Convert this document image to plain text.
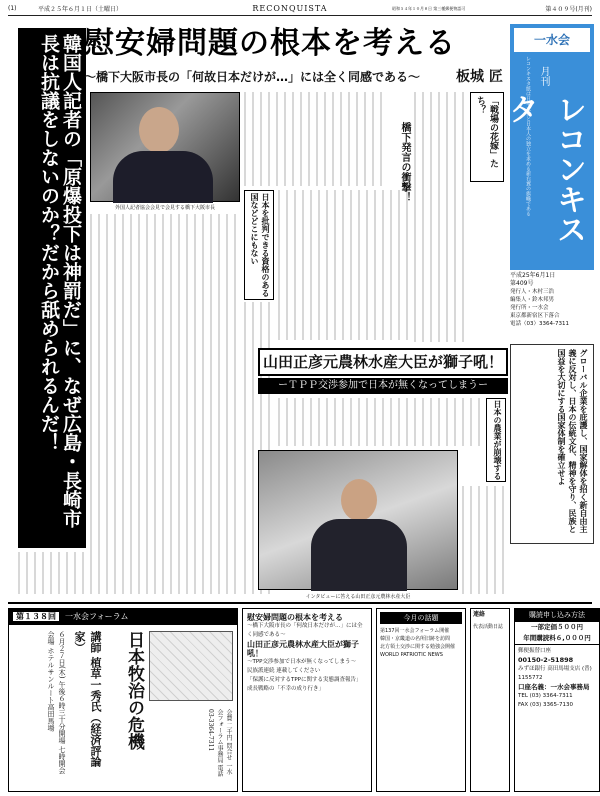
(1)	平成２５年６月１日（土曜日）	RECONQUISTA	昭和５４年１０月８日 第三種郵便物認可	第４０９号(月刊)
韓国人記者の「原爆投下は神罰だ」に、なぜ広島・長崎市長は抗議をしないのか？だから舐められるんだ！ 慰安婦問題の根本を考える
〜橋下大阪市長の「何故日本だけが…」には全く同感である〜	板城 匠
一水会
レコンキスタ紙は日本文化と日本人の独立を求める新右翼の旗幟である 月刊
レコンキスタ
平成25年6月1日
第409号
発行人・木村三浩
編集人・鈴木邦男
発行所・一水会
東京都新宿区下落合
電話（03）3364-7311
グローバル企業を庇護し、国家解体を招く新自由主義に反対し、日本の伝統文化、精神を守り、民族と国益を大切にする国家体制を確立せよ
外国人記者協会会見で会見する橋下大阪市長
「戦場の花嫁」たち？
橋下発言の衝撃！
日本を批判できる資格のある国などどこにもない
山田正彦元農林水産大臣が獅子吼！
ーＴＰＰ交渉参加で日本が無くなってしまうー
日本の農業が崩壊する
インタビューに答える山田正彦元農林水産大臣
第１３８回 一水会フォーラム
日本牧治の危機
講師 植草一秀氏（経済評論家）
６月２７日(木) 午後６時三十分開場 七時開会 会場 ホテルサンルート高田馬場
会費 二千円 問合せ 一水会フォーラム事務局 電話 03-3364-7311
慰安婦問題の根本を考える
〜橋下大阪市長の「何故日本だけが…」には全く同感である〜
山田正彦元農林水産大臣が獅子吼！
〜TPP交渉参加で日本が無くなってしまう〜
民族派連続 連載してください
「保護に反対するTPPに関する実態調査報告」
成長戦略の「不幸の成り行き」
今月の話題
第137回一水会フォーラム開催
韓国・京畿道の名所旧跡を訪問
北方領土交渉に関する勉強会開催
WORLD PATRIOTIC NEWS
連絡
代表活動日誌
購読申し込み方法
一部定価５００円
年間購読料６,０００円
郵便振替口座
00150-2-51898
みずほ銀行 高田馬場支店 (普) 1155772
口座名義：一水会事務局
TEL (03) 3364-7311
FAX (03) 3365-7130
